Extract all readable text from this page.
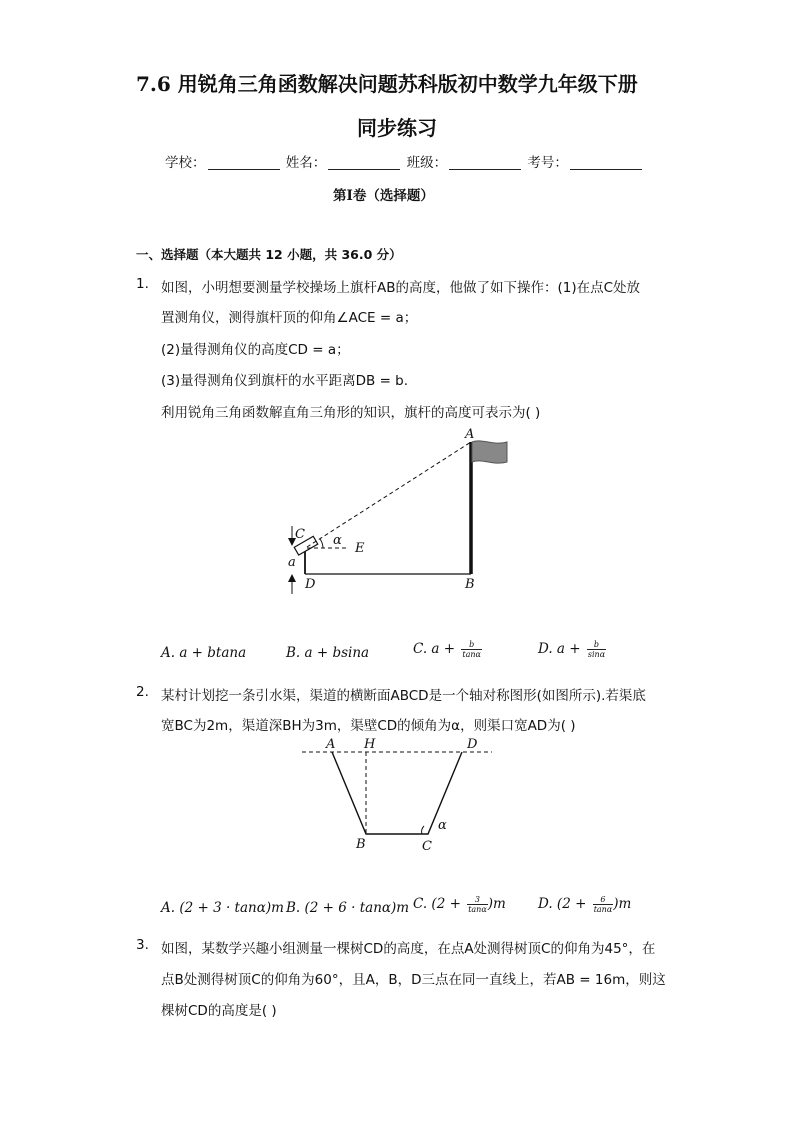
7.6 用锐角三角函数解决问题苏科版初中数学九年级下册
同步练习
学校：	姓名：	班级：	考号：
第Ⅰ卷（选择题）
一、选择题（本大题共 12 小题，共 36.0 分）
1. 如图，小明想要测量学校操场上旗杆AB的高度，他做了如下操作：(1)在点C处放
置测角仪，测得旗杆顶的仰角∠ACE = a；
(2)量得测角仪的高度CD = a；
(3)量得测角仪到旗杆的水平距离DB = b.
利用锐角三角函数解直角三角形的知识，旗杆的高度可表示为( )
A
B
C
D
E
α
a
A. a + btana	B. a + bsina	C. $a + \frac{b}{\tan\alpha}$	D. $a + \frac{b}{\sin\alpha}$
2. 某村计划挖一条引水渠，渠道的横断面ABCD是一个轴对称图形(如图所示).若渠底
宽BC为2m，渠道深BH为3m，渠壁CD的倾角为α，则渠口宽AD为( )
A H	D
B	C
α
A. (2 + 3 · tanα)m B. (2 + 6 · tanα)m C. $(2 + \frac{3}{\tan\alpha} )m$ D. $(2 + \frac{6}{\tan\alpha} )m$
3. 如图，某数学兴趣小组测量一棵树CD的高度，在点A处测得树顶C的仰角为45°，在
点B处测得树顶C的仰角为60°，且A，B，D三点在同一直线上，若AB = 16m，则这
棵树CD的高度是( )
